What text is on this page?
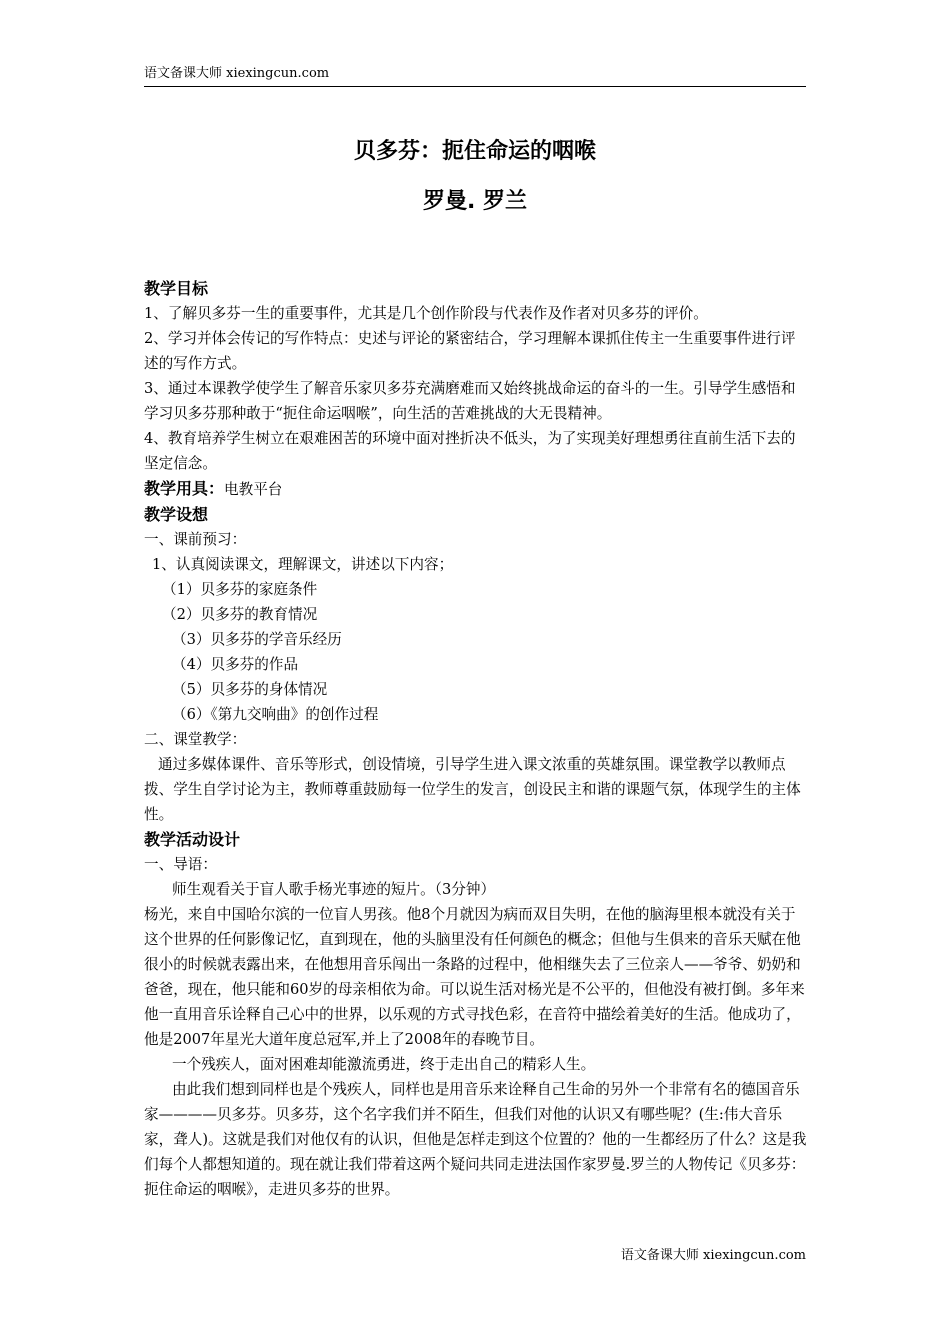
语文备课大师 xiexingcun.com
贝多芬：扼住命运的咽喉
罗曼. 罗兰

教学目标

1、了解贝多芬一生的重要事件，尤其是几个创作阶段与代表作及作者对贝多芬的评价。

2、学习并体会传记的写作特点：史述与评论的紧密结合，学习理解本课抓住传主一生重要事件进行评述的写作方式。

3、通过本课教学使学生了解音乐家贝多芬充满磨难而又始终挑战命运的奋斗的一生。引导学生感悟和学习贝多芬那种敢于“扼住命运咽喉”，向生活的苦难挑战的大无畏精神。

4、教育培养学生树立在艰难困苦的环境中面对挫折决不低头，为了实现美好理想勇往直前生活下去的坚定信念。

教学用具：电教平台

教学设想

一、课前预习：

1、认真阅读课文，理解课文，讲述以下内容；

（1）贝多芬的家庭条件

（2）贝多芬的教育情况

（3）贝多芬的学音乐经历

（4）贝多芬的作品

（5）贝多芬的身体情况

（6）《第九交响曲》的创作过程

二、课堂教学：

通过多媒体课件、音乐等形式，创设情境，引导学生进入课文浓重的英雄氛围。课堂教学以教师点拨、学生自学讨论为主，教师尊重鼓励每一位学生的发言，创设民主和谐的课题气氛，体现学生的主体性。

教学活动设计

一、导语：

师生观看关于盲人歌手杨光事迹的短片。（3分钟）

杨光，来自中国哈尔滨的一位盲人男孩。他8个月就因为病而双目失明，在他的脑海里根本就没有关于这个世界的任何影像记忆，直到现在，他的头脑里没有任何颜色的概念；但他与生俱来的音乐天赋在他很小的时候就表露出来，在他想用音乐闯出一条路的过程中，他相继失去了三位亲人——爷爷、奶奶和爸爸，现在，他只能和60岁的母亲相依为命。可以说生活对杨光是不公平的，但他没有被打倒。多年来他一直用音乐诠释自己心中的世界，以乐观的方式寻找色彩，在音符中描绘着美好的生活。他成功了，他是2007年星光大道年度总冠军,并上了2008年的春晚节目。

一个残疾人，面对困难却能激流勇进，终于走出自己的精彩人生。

由此我们想到同样也是个残疾人，同样也是用音乐来诠释自己生命的另外一个非常有名的德国音乐家————贝多芬。贝多芬，这个名字我们并不陌生，但我们对他的认识又有哪些呢？(生:伟大音乐家，聋人)。这就是我们对他仅有的认识，但他是怎样走到这个位置的？他的一生都经历了什么？这是我们每个人都想知道的。现在就让我们带着这两个疑问共同走进法国作家罗曼.罗兰的人物传记《贝多芬：扼住命运的咽喉》，走进贝多芬的世界。

语文备课大师 xiexingcun.com
